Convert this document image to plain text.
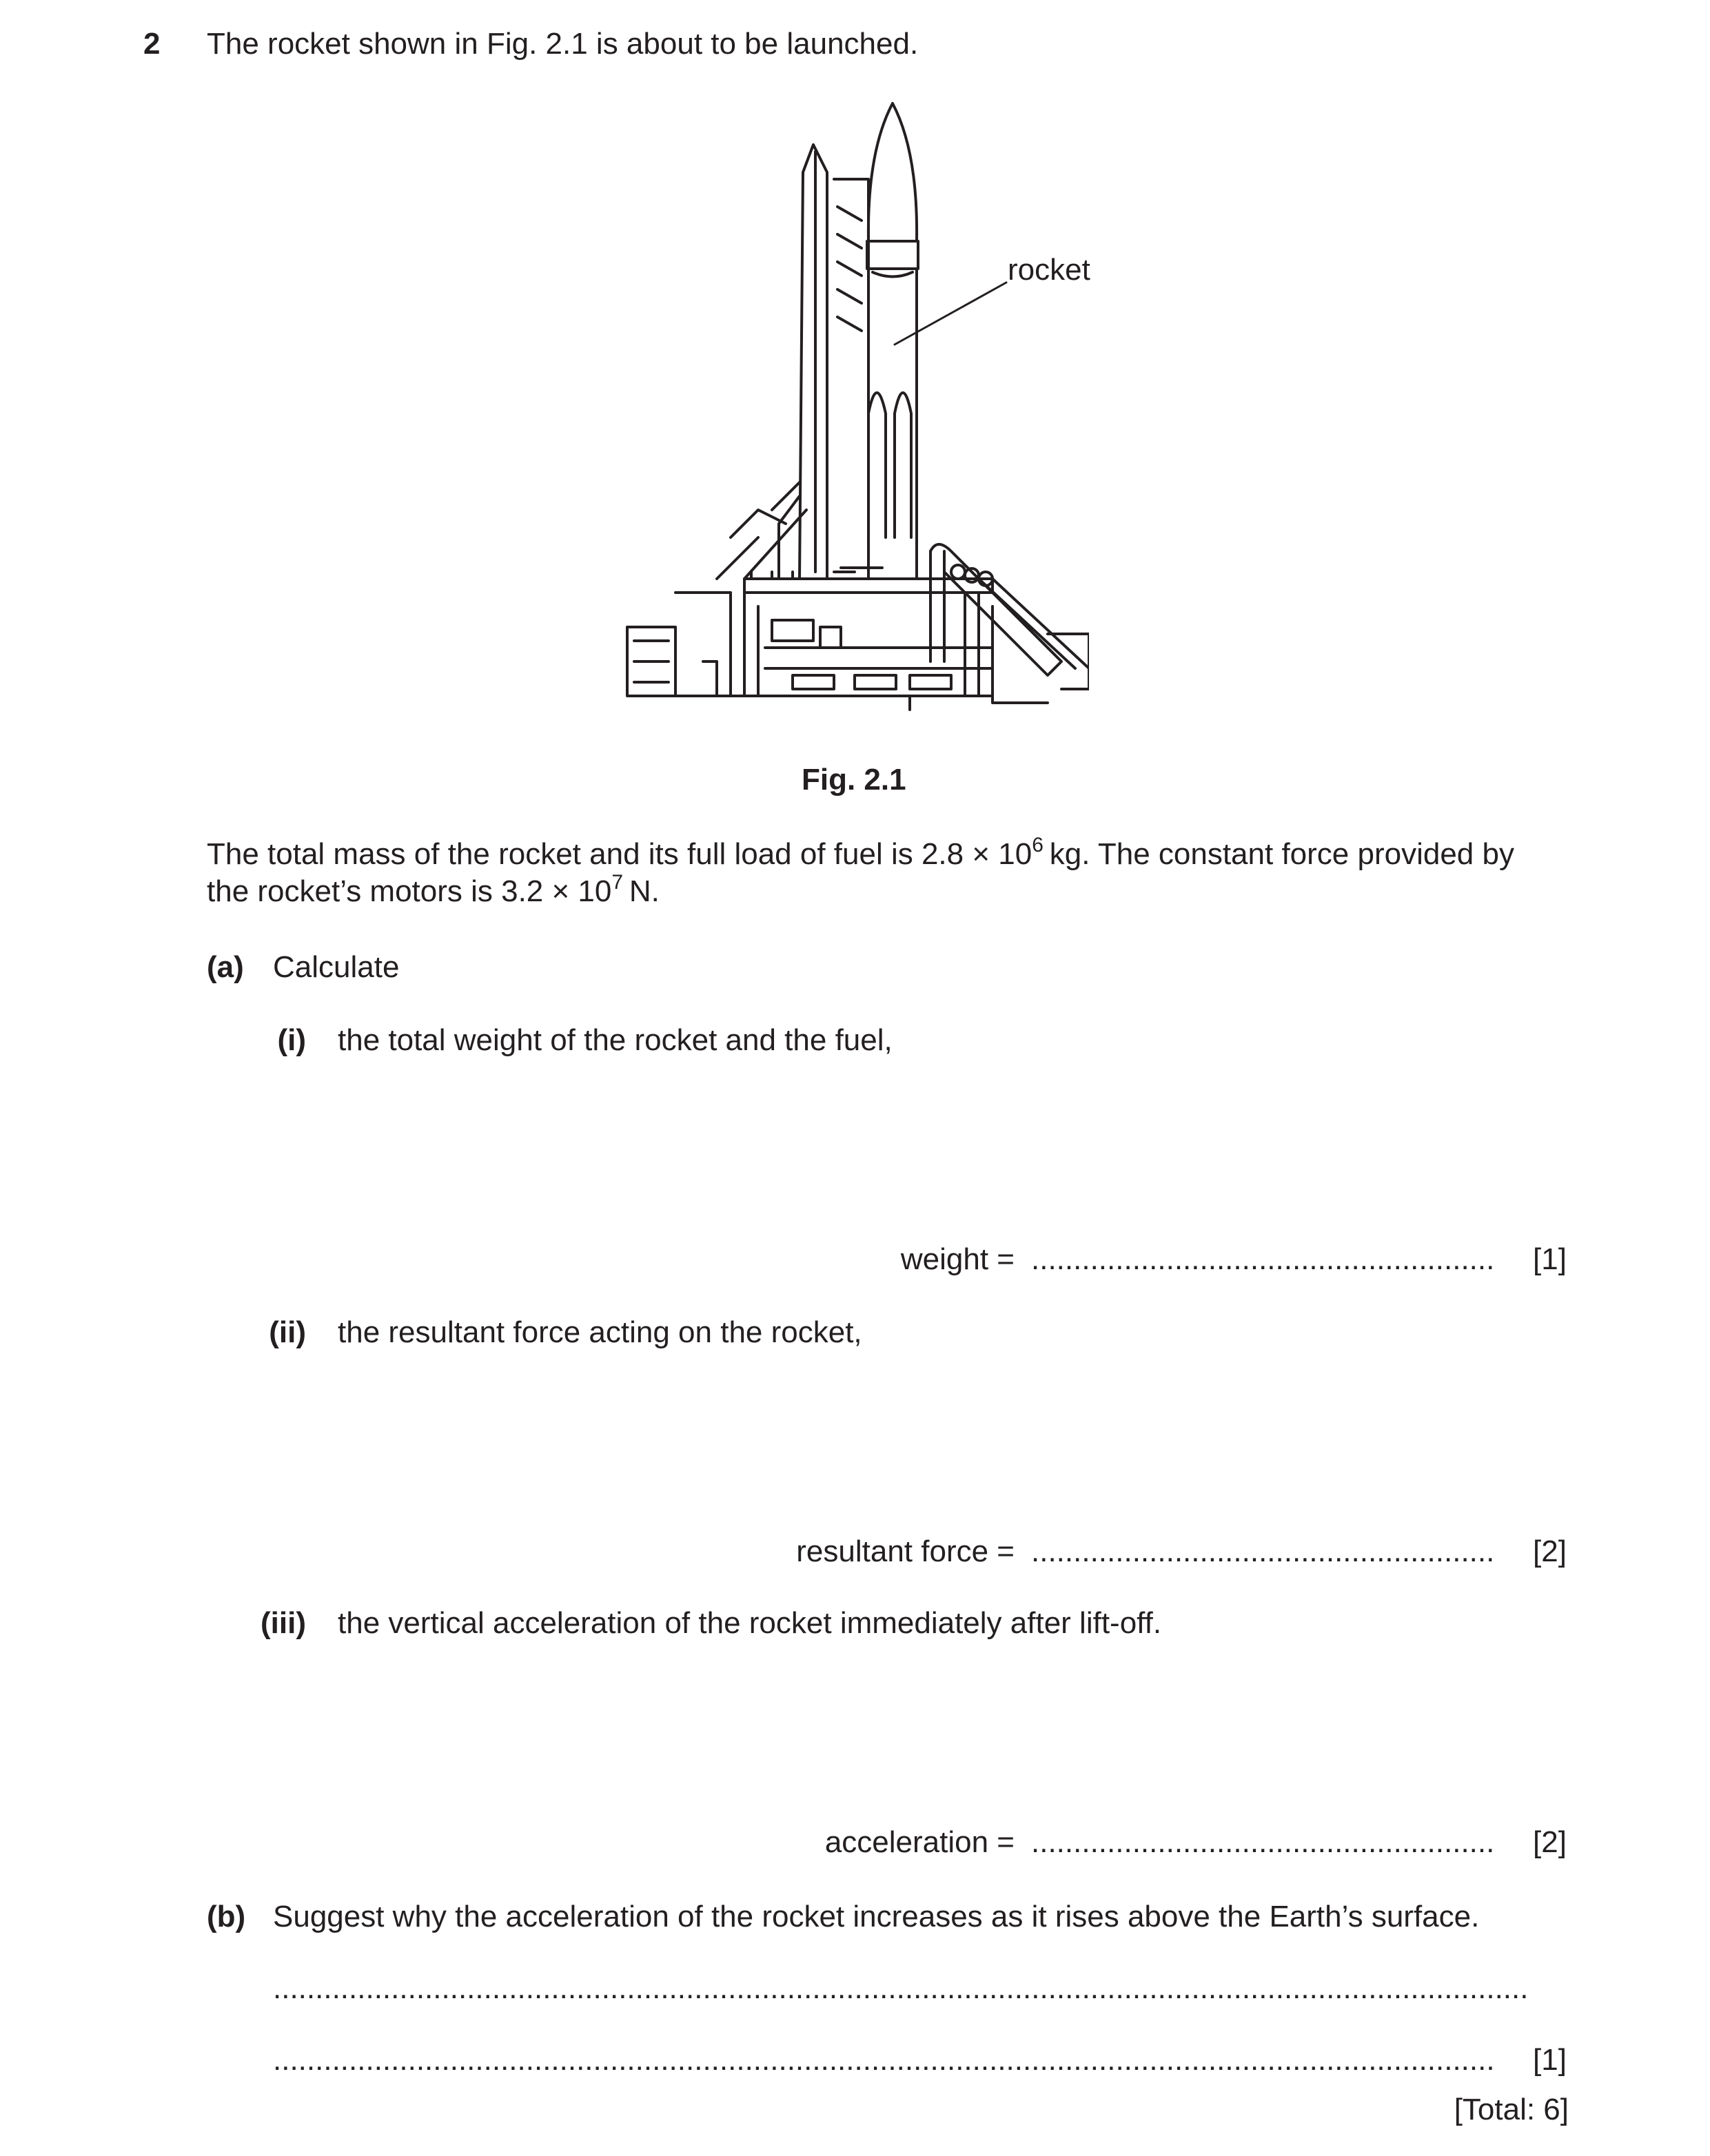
2 The rocket shown in Fig. 2.1 is about to be launched.
rocket
Fig. 2.1
The total mass of the rocket and its full load of fuel is $2.8 \times 10^6$  kg. The constant force provided by
the rocket’s motors is $3.2 \times 10^7$  N.
(a) Calculate
(i) the total weight of the rocket and the fuel,
weight = .......................................................	[1]
(ii) the resultant force acting on the rocket,
resultant force = .......................................................	[2]
(iii) the vertical acceleration of the rocket immediately after lift-off.
acceleration = .......................................................	[2]
(b) Suggest why the acceleration of the rocket increases as it rises above the Earth’s surface.
.....................................................................................................................................................
.................................................................................................................................................	[1]
[Total: 6]
